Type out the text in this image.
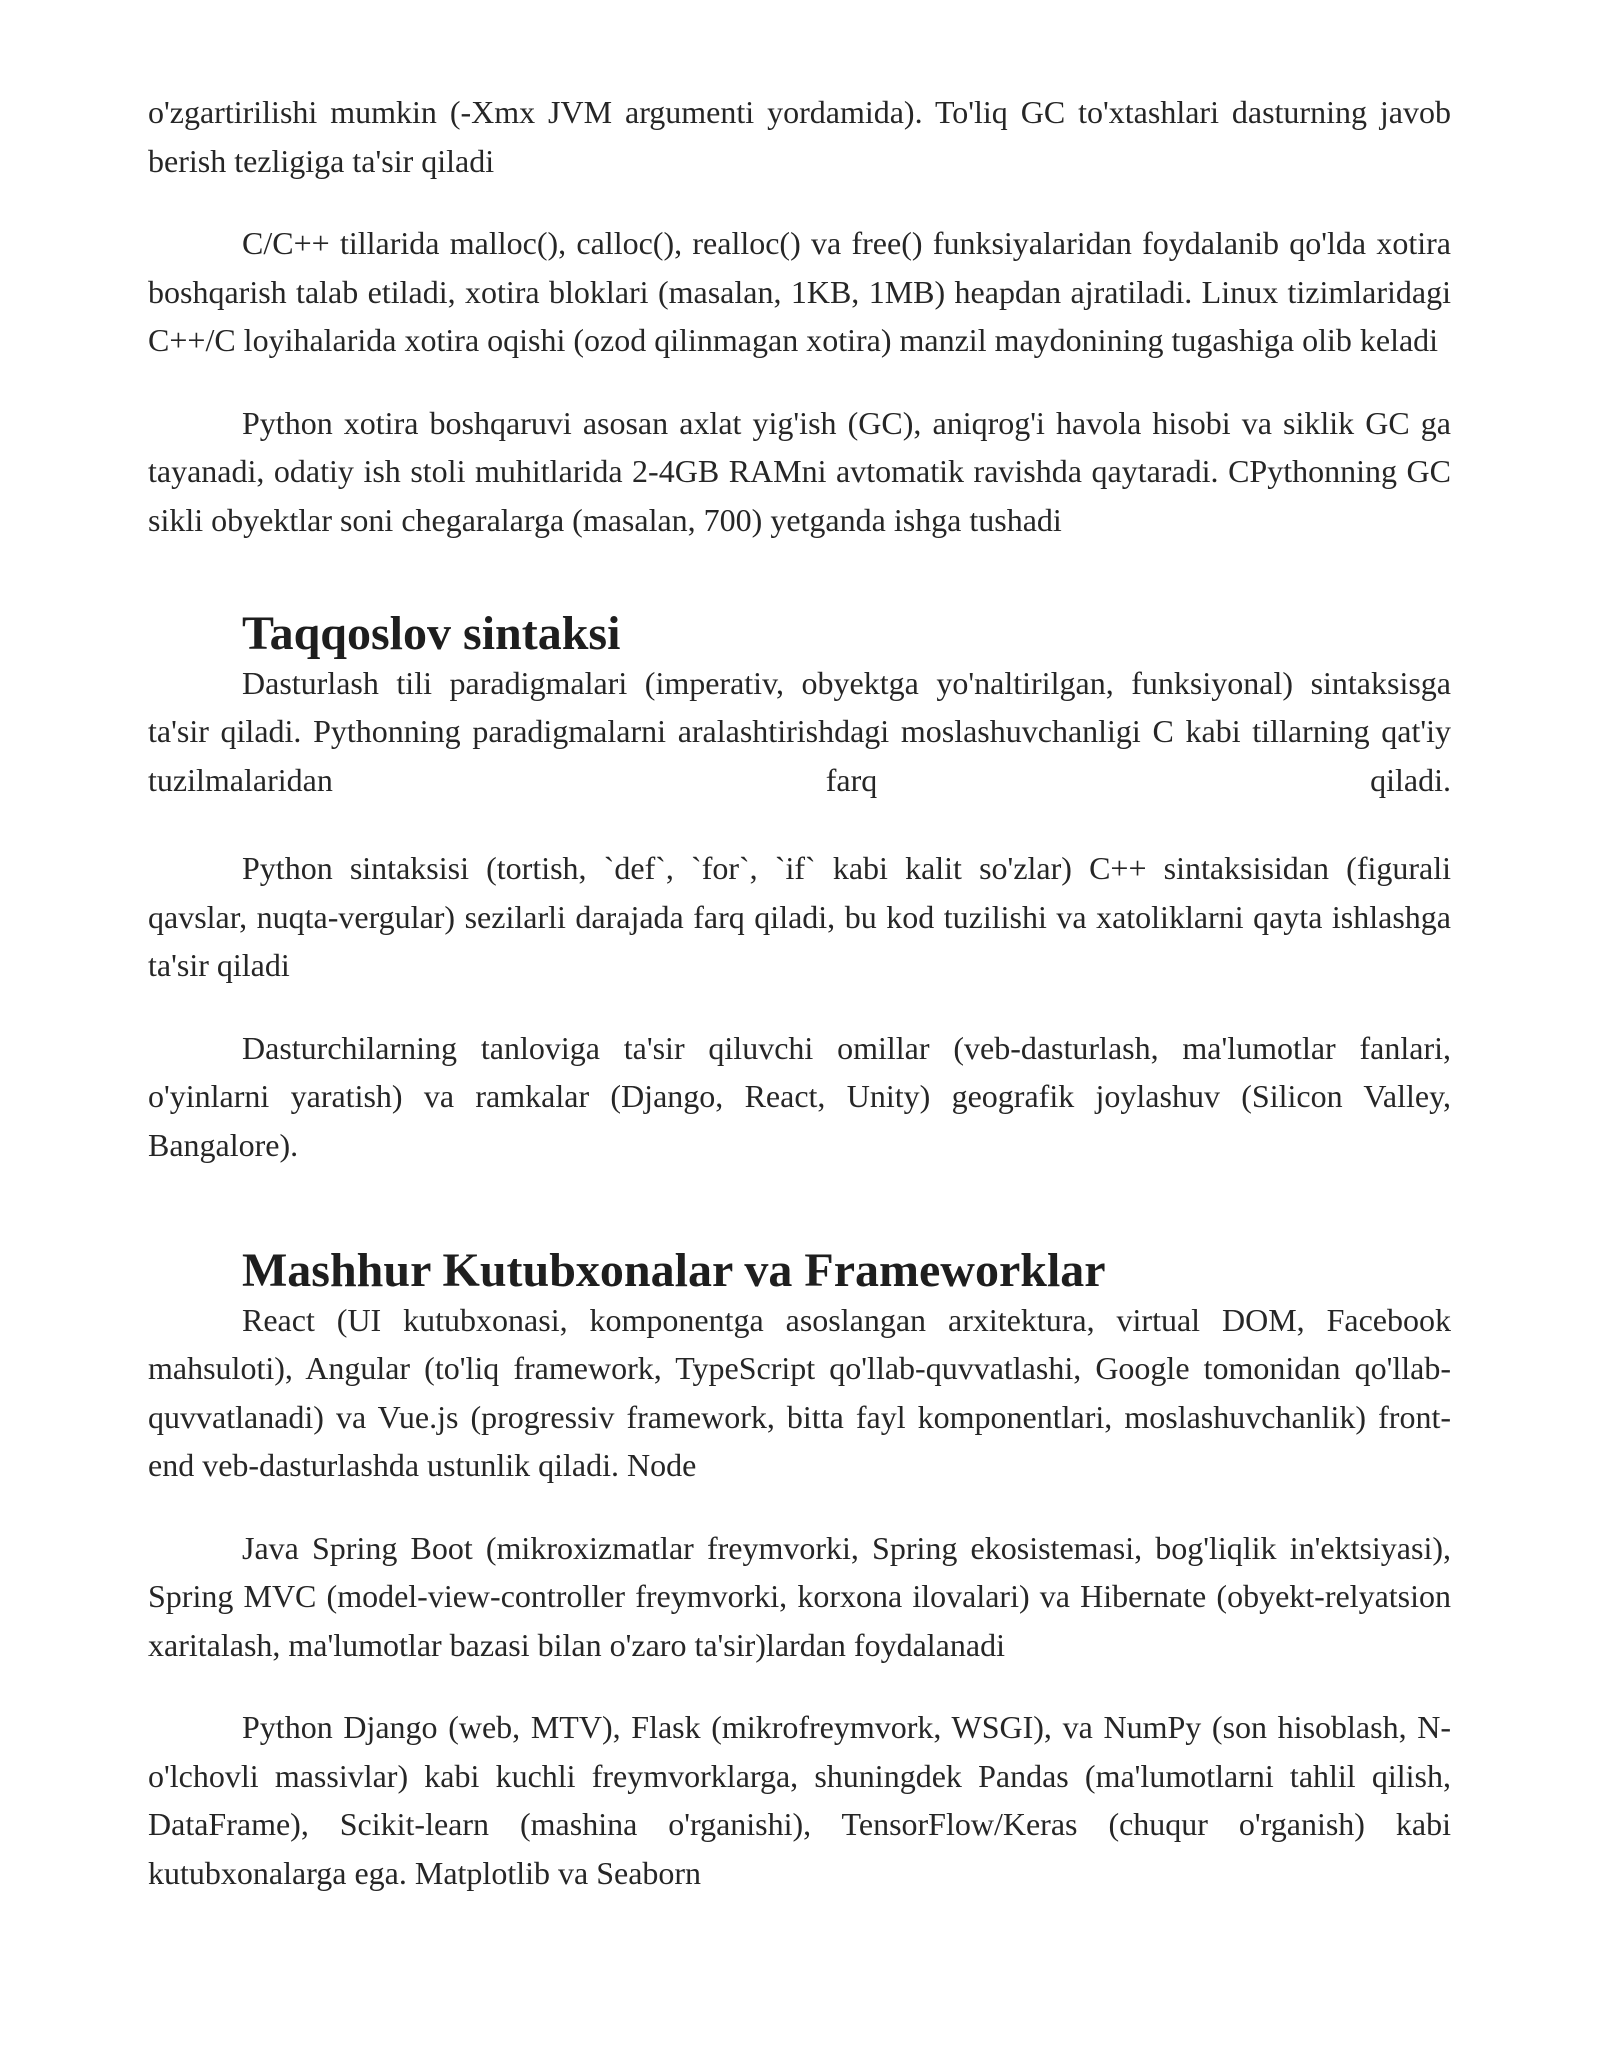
o'zgartirilishi mumkin (-Xmx JVM argumenti yordamida). To'liq GC to'xtashlari dasturning javob berish tezligiga ta'sir qiladi

C/C++ tillarida malloc(), calloc(), realloc() va free() funksiyalaridan foydalanib qo'lda xotira boshqarish talab etiladi, xotira bloklari (masalan, 1KB, 1MB) heapdan ajratiladi. Linux tizimlaridagi C++/C loyihalarida xotira oqishi (ozod qilinmagan xotira) manzil maydonining tugashiga olib keladi

Python xotira boshqaruvi asosan axlat yig'ish (GC), aniqrog'i havola hisobi va siklik GC ga tayanadi, odatiy ish stoli muhitlarida 2-4GB RAMni avtomatik ravishda qaytaradi. CPythonning GC sikli obyektlar soni chegaralarga (masalan, 700) yetganda ishga tushadi

Taqqoslov sintaksi

Dasturlash tili paradigmalari (imperativ, obyektga yo'naltirilgan, funksiyonal) sintaksisga ta'sir qiladi. Pythonning paradigmalarni aralashtirishdagi moslashuvchanligi C kabi tillarning qat'iy tuzilmalaridan farq qiladi.

Python sintaksisi (tortish, `def`, `for`, `if` kabi kalit so'zlar) C++ sintaksisidan (figurali qavslar, nuqta-vergular) sezilarli darajada farq qiladi, bu kod tuzilishi va xatoliklarni qayta ishlashga ta'sir qiladi

Dasturchilarning tanloviga ta'sir qiluvchi omillar (veb-dasturlash, ma'lumotlar fanlari, o'yinlarni yaratish) va ramkalar (Django, React, Unity) geografik joylashuv (Silicon Valley, Bangalore).

Mashhur Kutubxonalar va Frameworklar

React (UI kutubxonasi, komponentga asoslangan arxitektura, virtual DOM, Facebook mahsuloti), Angular (to'liq framework, TypeScript qo'llab-quvvatlashi, Google tomonidan qo'llab-quvvatlanadi) va Vue.js (progressiv framework, bitta fayl komponentlari, moslashuvchanlik) front-end veb-dasturlashda ustunlik qiladi. Node

Java Spring Boot (mikroxizmatlar freymvorki, Spring ekosistemasi, bog'liqlik in'ektsiyasi), Spring MVC (model-view-controller freymvorki, korxona ilovalari) va Hibernate (obyekt-relyatsion xaritalash, ma'lumotlar bazasi bilan o'zaro ta'sir)lardan foydalanadi

Python Django (web, MTV), Flask (mikrofreymvork, WSGI), va NumPy (son hisoblash, N-o'lchovli massivlar) kabi kuchli freymvorklarga, shuningdek Pandas (ma'lumotlarni tahlil qilish, DataFrame), Scikit-learn (mashina o'rganishi), TensorFlow/Keras (chuqur o'rganish) kabi kutubxonalarga ega. Matplotlib va Seaborn
